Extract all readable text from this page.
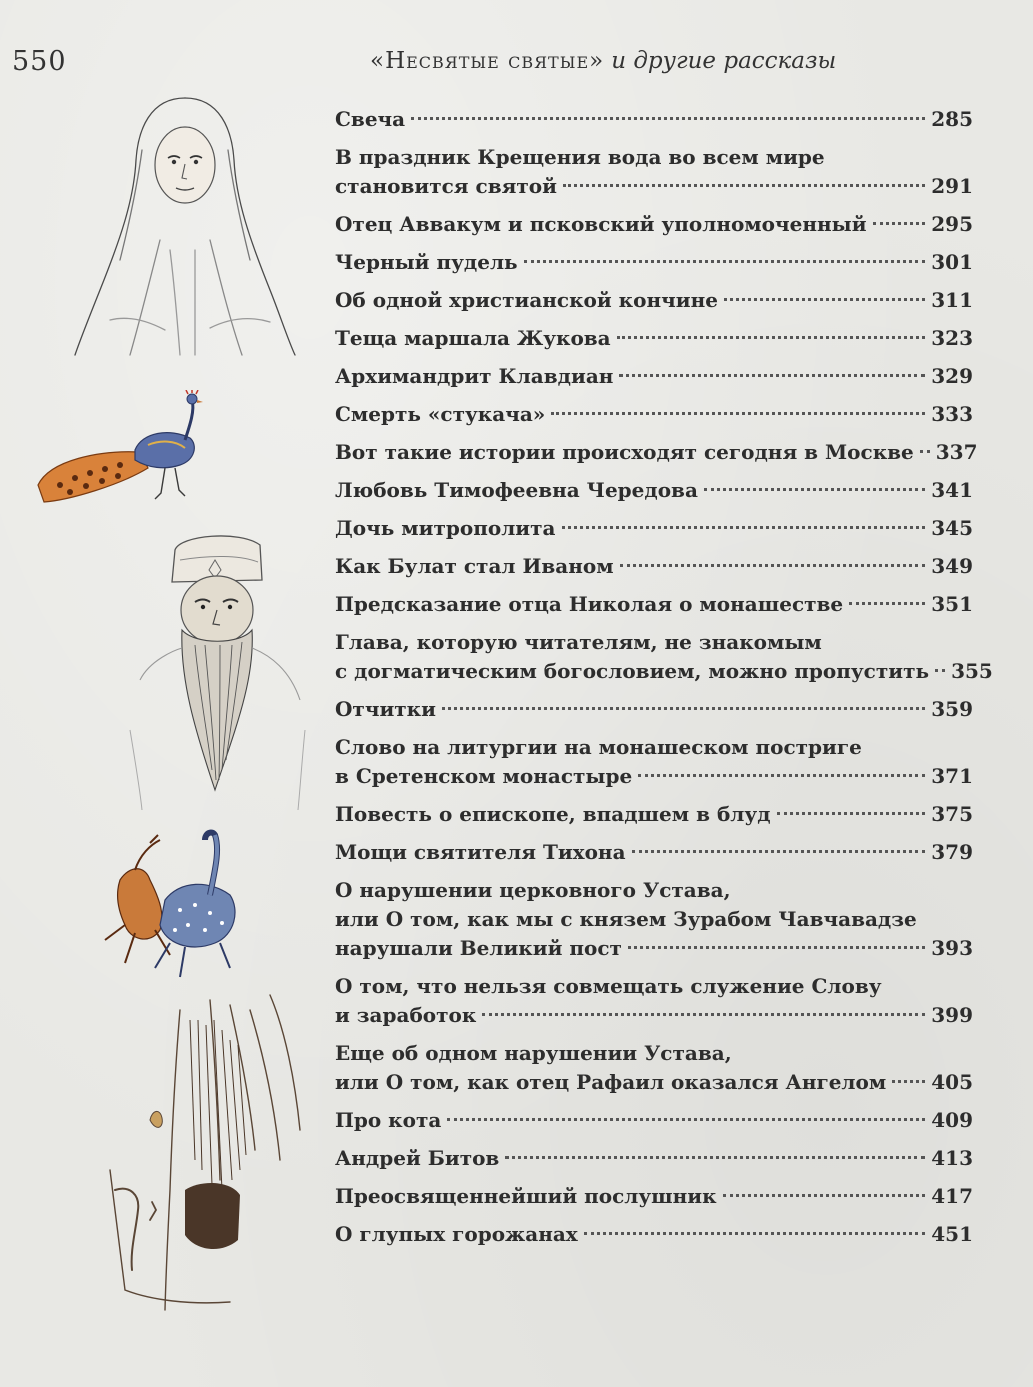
550	«Несвятые святые» и другие рассказы
Свеча	285
В праздник Крещения вода во всем мире
становится святой	291
Отец Аввакум и псковский уполномоченный	295
Черный пудель	301
Об одной христианской кончине	311
Теща маршала Жукова	323
Архимандрит Клавдиан	329
Смерть «стукача»	333
Вот такие истории происходят сегодня в Москве 337
Любовь Тимофеевна Чередова	341
Дочь митрополита	345
Как Булат стал Иваном	349
Предсказание отца Николая о монашестве	351
Глава, которую читателям, не знакомым
с догматическим богословием, можно пропустить 355
Отчитки	359
Слово на литургии на монашеском постриге
в Сретенском монастыре	371
Повесть о епископе, впадшем в блуд	375
Мощи святителя Тихона	379
О нарушении церковного Устава,
или О том, как мы с князем Зурабом Чавчавадзе
нарушали Великий пост	393
О том, что нельзя совмещать служение Слову
и заработок	399
Еще об одном нарушении Устава,
или О том, как отец Рафаил оказался Ангелом 405
Про кота	409
Андрей Битов	413
Преосвященнейший послушник	417
О глупых горожанах	451
